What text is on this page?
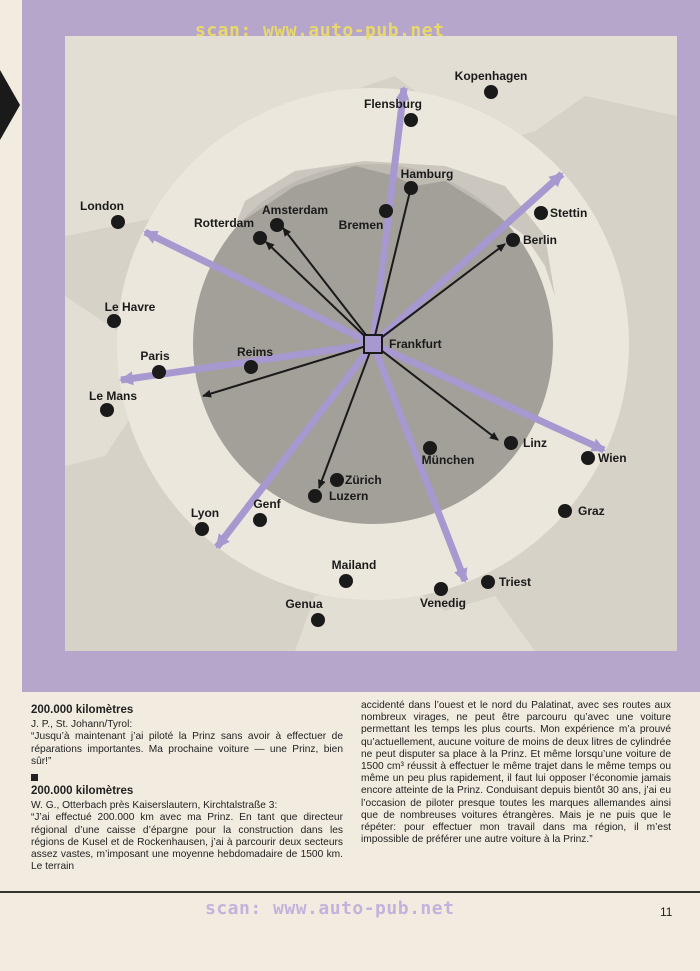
Kopenhagen
Flensburg
Hamburg
London	Amsterdam
Rotterdam	Bremen
Stettin
Berlin
Le Havre
Paris	Reims
Frankfurt
Le Mans
München
Linz
Wien
Zürich
Luzern
Genf
Lyon	Graz
Mailand
Triest
Genua	Venedig
scan: www.auto-pub.net
200.000 kilomètres

J. P., St. Johann/Tyrol:

“Jusqu’à maintenant j’ai piloté la Prinz sans avoir à effectuer de réparations importantes. Ma prochaine voiture — une Prinz, bien sûr!”

200.000 kilomètres

W. G., Otterbach près Kaiserslautern, Kirchtalstraße 3:

“J’ai effectué 200.000 km avec ma Prinz. En tant que directeur régional d’une caisse d’épargne pour la construction dans les régions de Kusel et de Rockenhausen, j’ai à parcourir deux secteurs assez vastes, m’imposant une moyenne hebdomadaire de 1500 km. Le terrain

accidenté dans l’ouest et le nord du Palatinat, avec ses routes aux nombreux virages, ne peut être parcouru qu’avec une voiture permettant les temps les plus courts. Mon expérience m’a prouvé qu’actuellement, aucune voiture de moins de deux litres de cylindrée ne peut disputer sa place à la Prinz. Et même lorsqu’une voiture de 1500 cm³ réussit à effectuer le même trajet dans le même temps ou même un peu plus rapidement, il faut lui opposer l’économie jamais encore atteinte de la Prinz. Conduisant depuis bientôt 30 ans, j’ai eu l’occasion de piloter presque toutes les marques allemandes ainsi que de nombreuses voitures étrangères. Mais je ne puis que le répéter: pour effectuer mon travail dans ma région, il m’est impossible de préférer une autre voiture à la Prinz.”

scan: www.auto-pub.net	11
